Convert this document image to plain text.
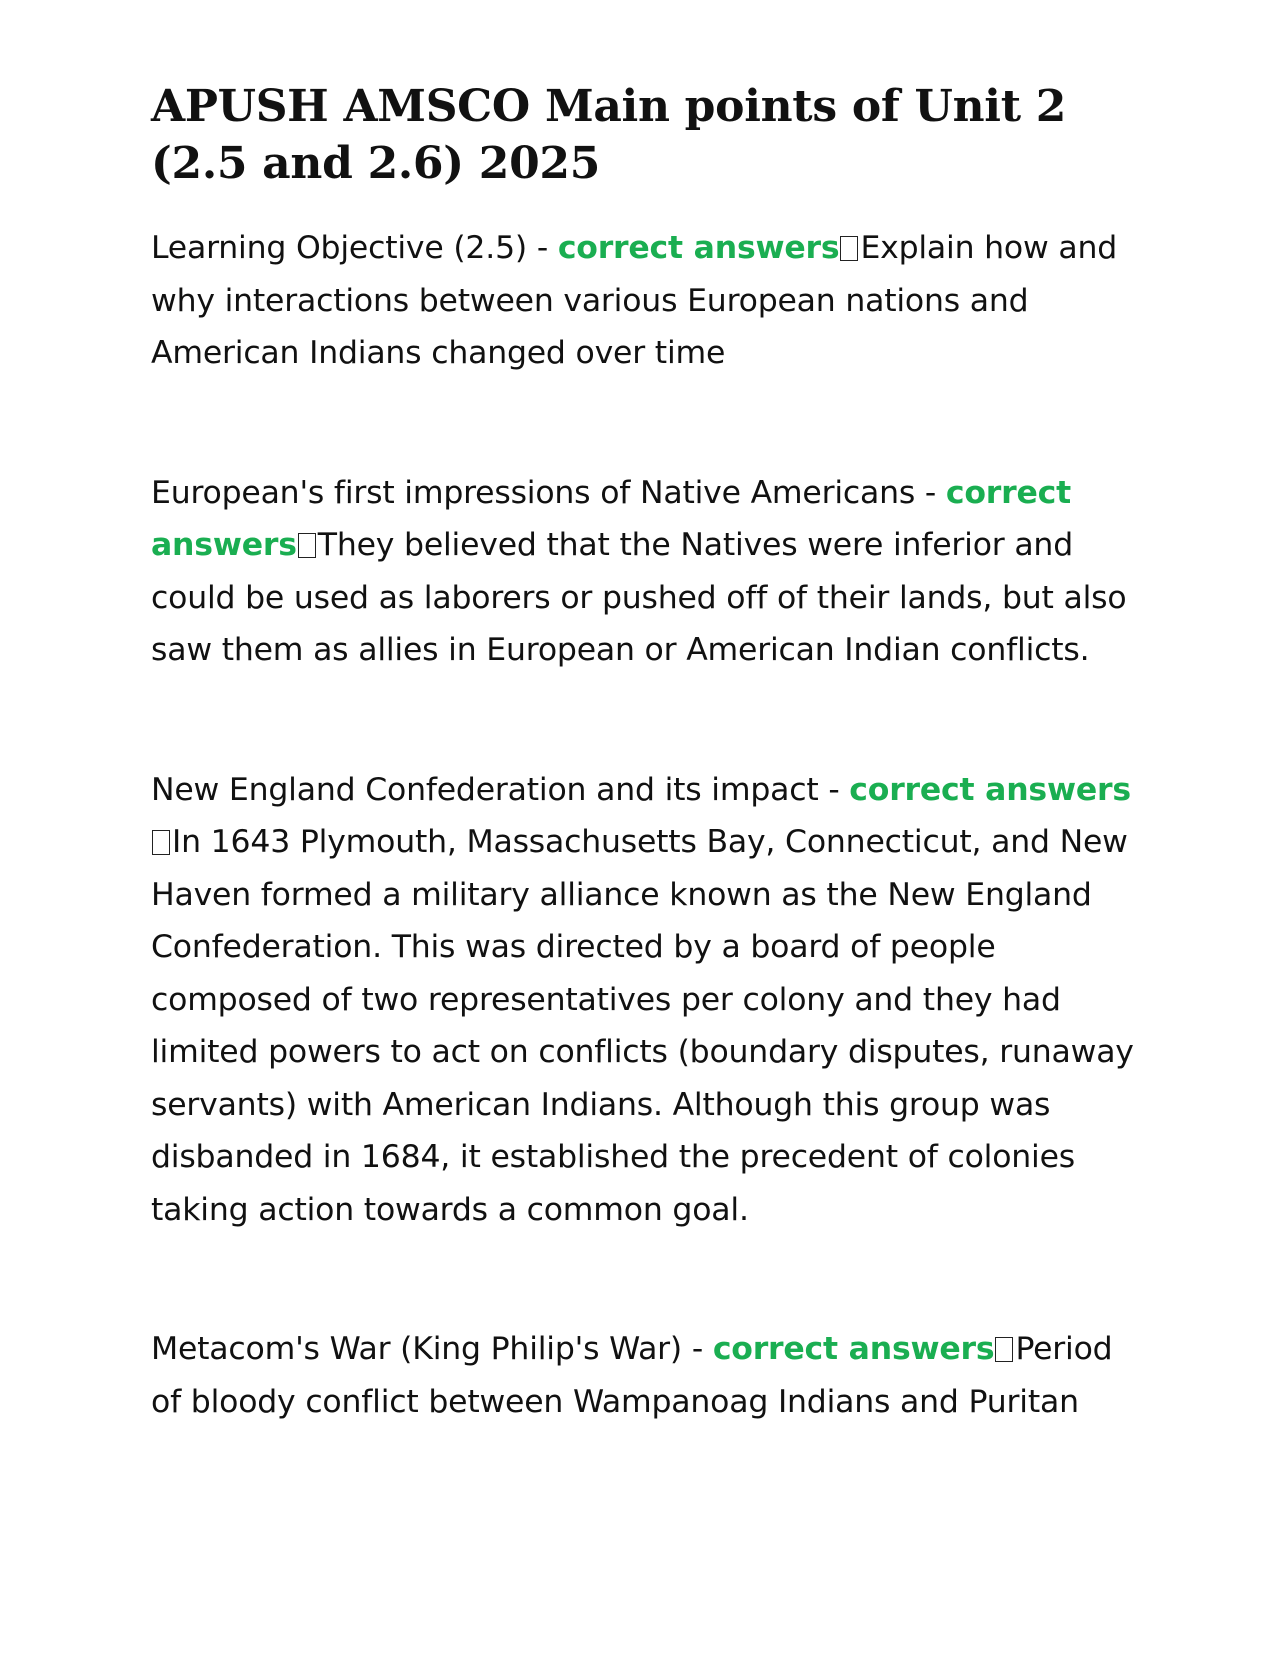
APUSH AMSCO Main points of Unit 2 (2.5 and 2.6) 2025

Learning Objective (2.5) - correct answers Explain how and why interactions between various European nations and American Indians changed over time

European's first impressions of Native Americans - correct answers They believed that the Natives were inferior and could be used as laborers or pushed off of their lands, but also saw them as allies in European or American Indian conflicts.

New England Confederation and its impact - correct answersIn 1643 Plymouth, Massachusetts Bay, Connecticut, and New Haven formed a military alliance known as the New England Confederation. This was directed by a board of people composed of two representatives per colony and they had limited powers to act on conflicts (boundary disputes, runaway servants) with American Indians. Although this group was disbanded in 1684, it established the precedent of colonies taking action towards a common goal.

Metacom's War (King Philip's War) - correct answers Period of bloody conflict between Wampanoag Indians and Puritan
